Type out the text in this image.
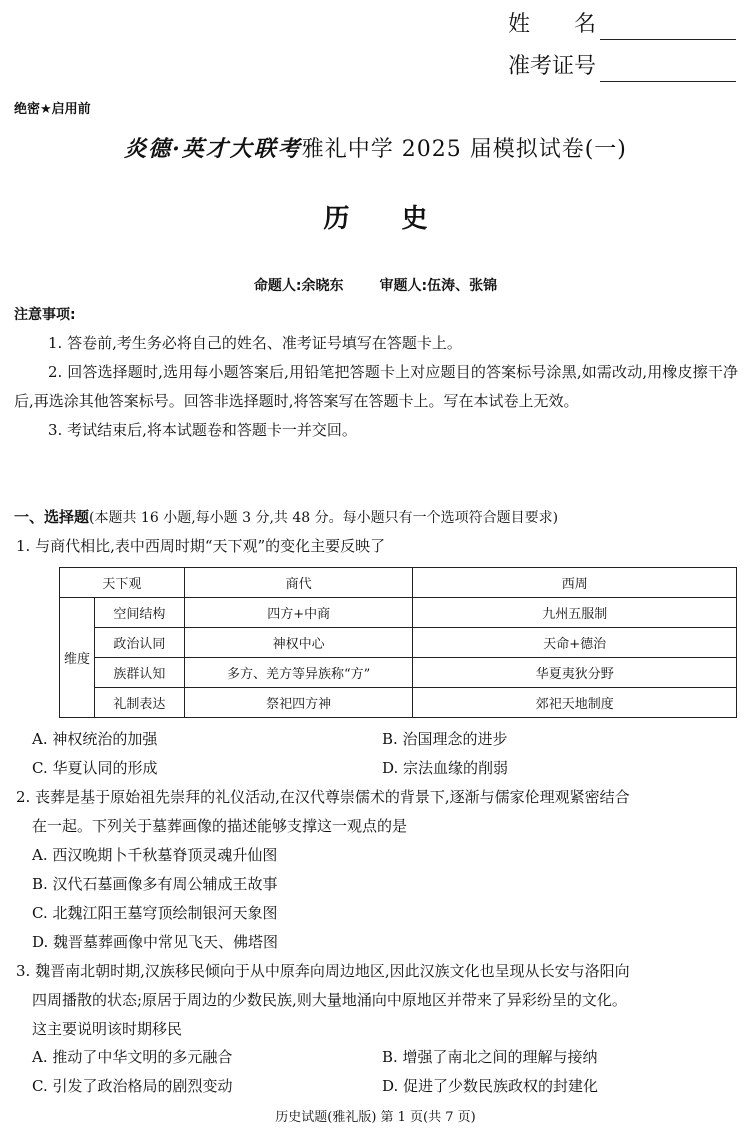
姓　　名
准考证号
绝密★启用前
炎德·英才大联考雅礼中学 2025 届模拟试卷(一)
历史
命题人:余晓东	审题人:伍涛、张锦
注意事项:

1. 答卷前,考生务必将自己的姓名、准考证号填写在答题卡上。

2. 回答选择题时,选用每小题答案后,用铅笔把答题卡上对应题目的答案标号涂黑,如需改动,用橡皮擦干净后,再选涂其他答案标号。回答非选择题时,将答案写在答题卡上。写在本试卷上无效。

3. 考试结束后,将本试题卷和答题卡一并交回。

一、选择题(本题共 16 小题,每小题 3 分,共 48 分。每小题只有一个选项符合题目要求)
1. 与商代相比,表中西周时期“天下观”的变化主要反映了
天下观		商代	西周
维度	空间结构	四方+中商	九州五服制
	政治认同	神权中心	天命+德治
	族群认知	多方、羌方等异族称“方”	华夏夷狄分野
	礼制表达	祭祀四方神	郊祀天地制度
A. 神权统治的加强	B. 治国理念的进步
C. 华夏认同的形成	D. 宗法血缘的削弱
2. 丧葬是基于原始祖先崇拜的礼仪活动,在汉代尊崇儒术的背景下,逐渐与儒家伦理观紧密结合
在一起。下列关于墓葬画像的描述能够支撑这一观点的是
A. 西汉晚期卜千秋墓脊顶灵魂升仙图
B. 汉代石墓画像多有周公辅成王故事
C. 北魏江阳王墓穹顶绘制银河天象图
D. 魏晋墓葬画像中常见飞天、佛塔图
3. 魏晋南北朝时期,汉族移民倾向于从中原奔向周边地区,因此汉族文化也呈现从长安与洛阳向
四周播散的状态;原居于周边的少数民族,则大量地涌向中原地区并带来了异彩纷呈的文化。
这主要说明该时期移民
A. 推动了中华文明的多元融合	B. 增强了南北之间的理解与接纳
C. 引发了政治格局的剧烈变动	D. 促进了少数民族政权的封建化
历史试题(雅礼版) 第 1 页(共 7 页)
